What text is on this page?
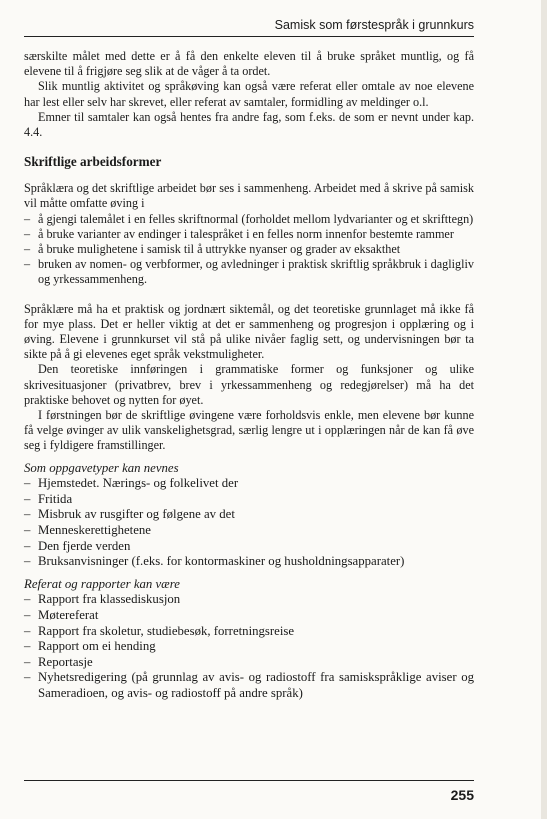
Samisk som førstespråk i grunnkurs

særskilte målet med dette er å få den enkelte eleven til å bruke språket muntlig, og få elevene til å frigjøre seg slik at de våger å ta ordet.

Slik muntlig aktivitet og språkøving kan også være referat eller omtale av noe elevene har lest eller selv har skrevet, eller referat av samtaler, formidling av meldinger o.l.

Emner til samtaler kan også hentes fra andre fag, som f.eks. de som er nevnt under kap. 4.4.

Skriftlige arbeidsformer

Språklæra og det skriftlige arbeidet bør ses i sammenheng. Arbeidet med å skrive på samisk vil måtte omfatte øving i

– å gjengi talemålet i en felles skriftnormal (forholdet mellom lydvarianter og et skrifttegn)
– å bruke varianter av endinger i talespråket i en felles norm innenfor bestemte rammer
– å bruke mulighetene i samisk til å uttrykke nyanser og grader av eksakthet
– bruken av nomen- og verbformer, og avledninger i praktisk skriftlig språkbruk i dagligliv og yrkessammenheng.

Språklære må ha et praktisk og jordnært siktemål, og det teoretiske grunnlaget må ikke få for mye plass. Det er heller viktig at det er sammenheng og progresjon i opplæring og i øving. Elevene i grunnkurset vil stå på ulike nivåer faglig sett, og undervisningen bør ta sikte på å gi elevenes eget språk vekstmuligheter.

Den teoretiske innføringen i grammatiske former og funksjoner og ulike skrivesituasjoner (privatbrev, brev i yrkessammenheng og redegjørelser) må ha det praktiske behovet og nytten for øyet.

I førstningen bør de skriftlige øvingene være forholdsvis enkle, men elevene bør kunne få velge øvinger av ulik vanskelighetsgrad, særlig lengre ut i opplæringen når de kan få øve seg i fyldigere framstillinger.

Som oppgavetyper kan nevnes
– Hjemstedet. Nærings- og folkelivet der
– Fritida
– Misbruk av rusgifter og følgene av det
– Menneskerettighetene
– Den fjerde verden
– Bruksanvisninger (f.eks. for kontormaskiner og husholdningsapparater)
Referat og rapporter kan være
– Rapport fra klassediskusjon
– Møtereferat
– Rapport fra skoletur, studiebesøk, forretningsreise
– Rapport om ei hending
– Reportasje
– Nyhetsredigering (på grunnlag av avis- og radiostoff fra samiskspråklige aviser og Sameradioen, og avis- og radiostoff på andre språk)
255
